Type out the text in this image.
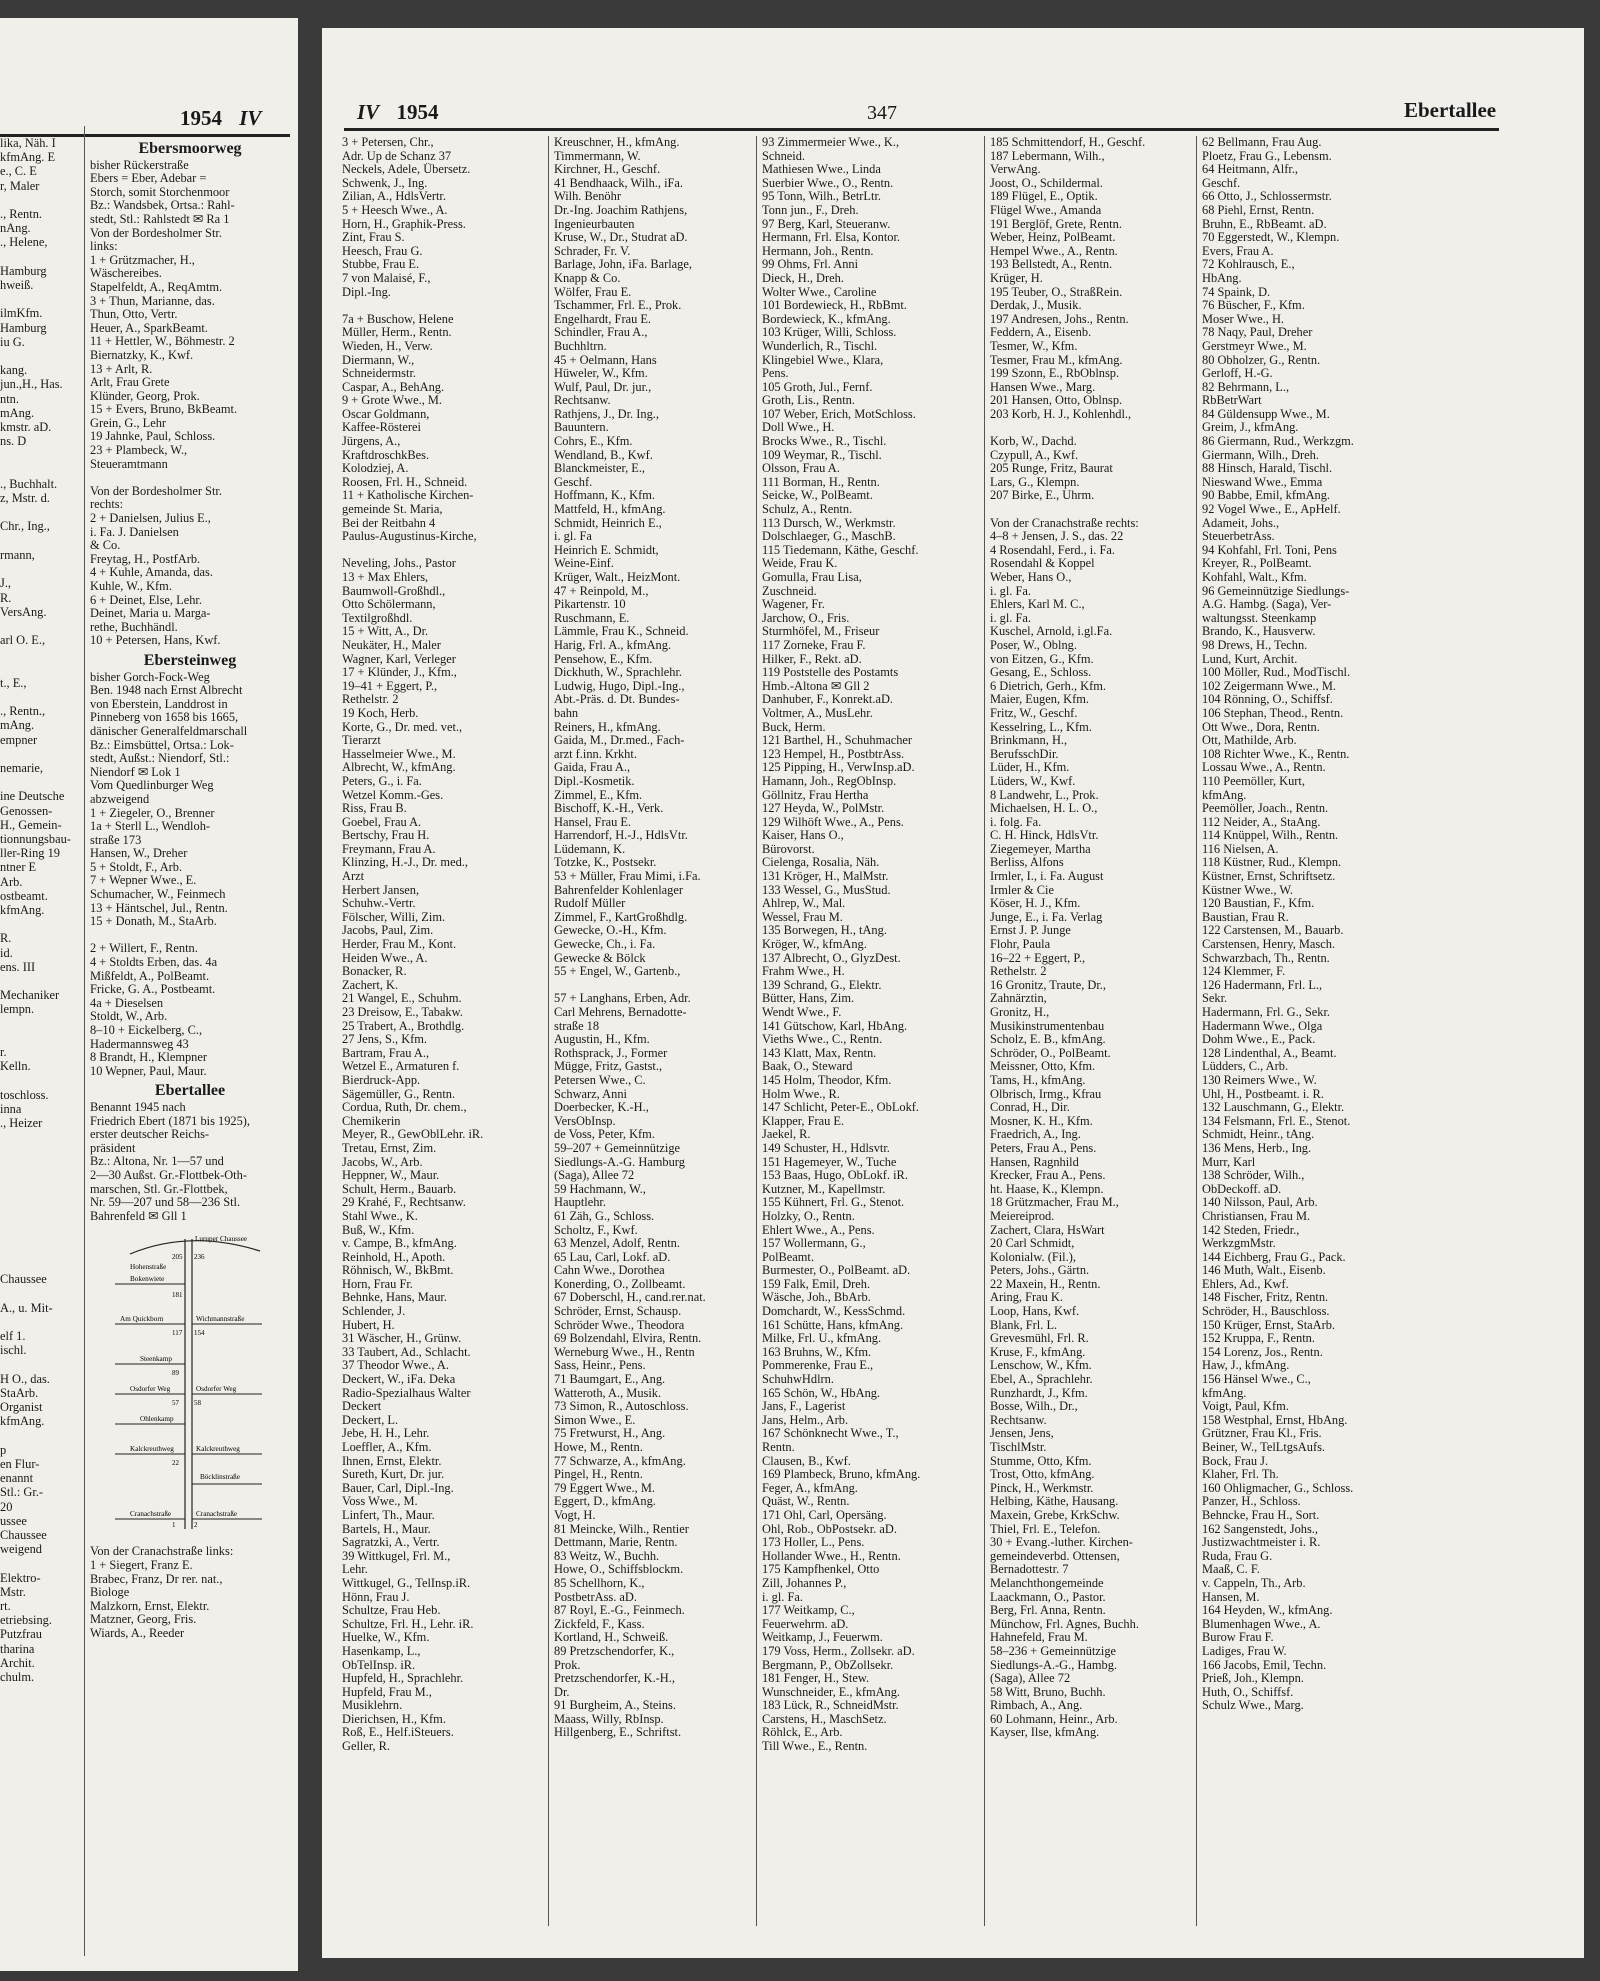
1954 IV
lika, Näh. I
kfmAng. E
e., C. E
r, Maler

., Rentn.
nAng.
., Helene,

Hamburg
hweiß.

ilmKfm.
Hamburg
iu G.

kang.
jun.,H., Has.
ntn.
mAng.
kmstr. aD.
ns. D

., Buchhalt.
z, Mstr. d.

Chr., Ing.,

rmann,

J.,
R.
VersAng.

arl O. E.,

t., E.,

., Rentn.,
mAng.
empner

nemarie,

ine Deutsche
Genossen-
H., Gemein-
tionnungsbau-
ller-Ring 19
ntner E
Arb.
ostbeamt.
kfmAng.

R.
id.
ens. III

Mechaniker
lempn.

r.
Kelln.

toschloss.
inna
., Heizer

Chaussee

A., u. Mit-

elf 1.
ischl.

H O., das.
StaArb.
Organist
kfmAng.

p
en Flur-
enannt
Stl.: Gr.-
20
ussee
Chaussee
weigend

Elektro-
Mstr.
rt.
etriebsing.
Putzfrau
tharina
Archit.
chulm.
Ebersmoorweg
bisher Rückerstraße
Ebers = Eber, Adebar =
Storch, somit Storchenmoor
Bz.: Wandsbek, Ortsa.: Rahl-
stedt, Stl.: Rahlstedt ✉ Ra 1
Von der Bordesholmer Str.
links:
1 + Grützmacher, H.,
Wäschereibes.
Stapelfeldt, A., ReqAmtm.
3 + Thun, Marianne, das.
Thun, Otto, Vertr.
Heuer, A., SparkBeamt.
11 + Hettler, W., Böhmestr. 2
Biernatzky, K., Kwf.
13 + Arlt, R.
Arlt, Frau Grete
Klünder, Georg, Prok.
15 + Evers, Bruno, BkBeamt.
Grein, G., Lehr
19 Jahnke, Paul, Schloss.
23 + Plambeck, W.,
Steueramtmann

Von der Bordesholmer Str.
rechts:
2 + Danielsen, Julius E.,
i. Fa. J. Danielsen
& Co.
Freytag, H., PostfArb.
4 + Kuhle, Amanda, das.
Kuhle, W., Kfm.
6 + Deinet, Else, Lehr.
Deinet, Maria u. Marga-
rethe, Buchhändl.
10 + Petersen, Hans, Kwf.
Ebersteinweg
bisher Gorch-Fock-Weg
Ben. 1948 nach Ernst Albrecht
von Eberstein, Landdrost in
Pinneberg von 1658 bis 1665,
dänischer Generalfeldmarschall
Bz.: Eimsbüttel, Ortsa.: Lok-
stedt, Außst.: Niendorf, Stl.:
Niendorf ✉ Lok 1
Vom Quedlinburger Weg
abzweigend
1 + Ziegeler, O., Brenner
1a + Sterll L., Wendloh-
straße 173
Hansen, W., Dreher
5 + Stoldt, F., Arb.
7 + Wepner Wwe., E.
Schumacher, W., Feinmech
13 + Häntschel, Jul., Rentn.
15 + Donath, M., StaArb.

2 + Willert, F., Rentn.
4 + Stoldts Erben, das. 4a
Mißfeldt, A., PolBeamt.
Fricke, G. A., Postbeamt.
4a + Dieselsen
Stoldt, W., Arb.
8–10 + Eickelberg, C.,
Hadermannsweg 43
8 Brandt, H., Klempner
10 Wepner, Paul, Maur.
Ebertallee
Benannt 1945 nach
Friedrich Ebert (1871 bis 1925),
erster deutscher Reichs-
präsident
Bz.: Altona, Nr. 1—57 und
2—30 Außst. Gr.-Flottbek-Oth-
marschen, Stl. Gr.-Flottbek,
Nr. 59—207 und 58—236 Stl.
Bahrenfeld ✉ Gll 1
Luruper Chaussee
Hohenstraße
Bokenwiete
Am Quickborn	Wichmannstraße
Steenkamp
Osdorfer Weg	Osdorfer Weg
Ohlenkamp
Kalckreuthweg	Kalckreuthweg
Böcklinstraße
Cranachstraße	Cranachstraße
205 236
181
117 154
89
58
57
22
1	2
Von der Cranachstraße links:
1 + Siegert, Franz E.
Brabec, Franz, Dr rer. nat.,
Biologe
Malzkorn, Ernst, Elektr.
Matzner, Georg, Fris.
Wiards, A., Reeder
IV 1954	347	Ebertallee
3 + Petersen, Chr.,
Adr. Up de Schanz 37
Neckels, Adele, Übersetz.
Schwenk, J., Ing.
Zilian, A., HdlsVertr.
5 + Heesch Wwe., A.
Horn, H., Graphik-Press.
Zint, Frau S.
Heesch, Frau G.
Stubbe, Frau E.
7 von Malaisé, F.,
Dipl.-Ing.

7a + Buschow, Helene
Müller, Herm., Rentn.
Wieden, H., Verw.
Diermann, W.,
Schneidermstr.
Caspar, A., BehAng.
9 + Grote Wwe., M.
Oscar Goldmann,
Kaffee-Rösterei
Jürgens, A.,
KraftdroschkBes.
Kolodziej, A.
Roosen, Frl. H., Schneid.
11 + Katholische Kirchen-
gemeinde St. Maria,
Bei der Reitbahn 4
Paulus-Augustinus-Kirche,

Neveling, Johs., Pastor
13 + Max Ehlers,
Baumwoll-Großhdl.,
Otto Schölermann,
Textilgroßhdl.
15 + Witt, A., Dr.
Neukäter, H., Maler
Wagner, Karl, Verleger
17 + Klünder, J., Kfm.,
19–41 + Eggert, P.,
Rethelstr. 2
19 Koch, Herb.
Korte, G., Dr. med. vet.,
Tierarzt
Hasselmeier Wwe., M.
Albrecht, W., kfmAng.
Peters, G., i. Fa.
Wetzel Komm.-Ges.
Riss, Frau B.
Goebel, Frau A.
Bertschy, Frau H.
Freymann, Frau A.
Klinzing, H.-J., Dr. med.,
Arzt
Herbert Jansen,
Schuhw.-Vertr.
Fölscher, Willi, Zim.
Jacobs, Paul, Zim.
Herder, Frau M., Kont.
Heiden Wwe., A.
Bonacker, R.
Zachert, K.
21 Wangel, E., Schuhm.
23 Dreisow, E., Tabakw.
25 Trabert, A., Brothdlg.
27 Jens, S., Kfm.
Bartram, Frau A.,
Wetzel E., Armaturen f.
Bierdruck-App.
Sägemüller, G., Rentn.
Cordua, Ruth, Dr. chem.,
Chemikerin
Meyer, R., GewOblLehr. iR.
Tretau, Ernst, Zim.
Jacobs, W., Arb.
Heppner, W., Maur.
Schult, Herm., Bauarb.
29 Krahé, F., Rechtsanw.
Stahl Wwe., K.
Buß, W., Kfm.
v. Campe, B., kfmAng.
Reinhold, H., Apoth.
Röhnisch, W., BkBmt.
Horn, Frau Fr.
Behnke, Hans, Maur.
Schlender, J.
Hubert, H.
31 Wäscher, H., Grünw.
33 Taubert, Ad., Schlacht.
37 Theodor Wwe., A.
Deckert, W., iFa. Deka
Radio-Spezialhaus Walter
Deckert
Deckert, L.
Jebe, H. H., Lehr.
Loeffler, A., Kfm.
Ihnen, Ernst, Elektr.
Sureth, Kurt, Dr. jur.
Bauer, Carl, Dipl.-Ing.
Voss Wwe., M.
Linfert, Th., Maur.
Bartels, H., Maur.
Sagratzki, A., Vertr.
39 Wittkugel, Frl. M.,
Lehr.
Wittkugel, G., TelInsp.iR.
Hönn, Frau J.
Schultze, Frau Heb.
Schultze, Frl. H., Lehr. iR.
Huelke, W., Kfm.
Hasenkamp, L.,
ObTelInsp. iR.
Hupfeld, H., Sprachlehr.
Hupfeld, Frau M.,
Musiklehrn.
Dierichsen, H., Kfm.
Roß, E., Helf.iSteuers.
Geller, R.
Kreuschner, H., kfmAng.
Timmermann, W.
Kirchner, H., Geschf.
41 Bendhaack, Wilh., iFa.
Wilh. Benöhr
Dr.-Ing. Joachim Rathjens,
Ingenieurbauten
Kruse, W., Dr., Studrat aD.
Schrader, Fr. V.
Barlage, John, iFa. Barlage,
Knapp & Co.
Wölfer, Frau E.
Tschammer, Frl. E., Prok.
Engelhardt, Frau E.
Schindler, Frau A.,
Buchhltrn.
45 + Oelmann, Hans
Hüweler, W., Kfm.
Wulf, Paul, Dr. jur.,
Rechtsanw.
Rathjens, J., Dr. Ing.,
Bauuntern.
Cohrs, E., Kfm.
Wendland, B., Kwf.
Blanckmeister, E.,
Geschf.
Hoffmann, K., Kfm.
Mattfeld, H., kfmAng.
Schmidt, Heinrich E.,
i. gl. Fa
Heinrich E. Schmidt,
Weine-Einf.
Krüger, Walt., HeizMont.
47 + Reinpold, M.,
Pikartenstr. 10
Ruschmann, E.
Lämmle, Frau K., Schneid.
Harig, Frl. A., kfmAng.
Pensehow, E., Kfm.
Dickhuth, W., Sprachlehr.
Ludwig, Hugo, Dipl.-Ing.,
Abt.-Präs. d. Dt. Bundes-
bahn
Reiners, H., kfmAng.
Gaida, M., Dr.med., Fach-
arzt f.inn. Krkht.
Gaida, Frau A.,
Dipl.-Kosmetik.
Zimmel, E., Kfm.
Bischoff, K.-H., Verk.
Hansel, Frau E.
Harrendorf, H.-J., HdlsVtr.
Lüdemann, K.
Totzke, K., Postsekr.
53 + Müller, Frau Mimi, i.Fa.
Bahrenfelder Kohlenlager
Rudolf Müller
Zimmel, F., KartGroßhdlg.
Gewecke, O.-H., Kfm.
Gewecke, Ch., i. Fa.
Gewecke & Bölck
55 + Engel, W., Gartenb.,

57 + Langhans, Erben, Adr.
Carl Mehrens, Bernadotte-
straße 18
Augustin, H., Kfm.
Rothsprack, J., Former
Mügge, Fritz, Gastst.,
Petersen Wwe., C.
Schwarz, Anni
Doerbecker, K.-H.,
VersObInsp.
de Voss, Peter, Kfm.
59–207 + Gemeinnützige
Siedlungs-A.-G. Hamburg
(Saga), Allee 72
59 Hachmann, W.,
Hauptlehr.
61 Zäh, G., Schloss.
Scholtz, F., Kwf.
63 Menzel, Adolf, Rentn.
65 Lau, Carl, Lokf. aD.
Cahn Wwe., Dorothea
Konerding, O., Zollbeamt.
67 Doberschl, H., cand.rer.nat.
Schröder, Ernst, Schausp.
Schröder Wwe., Theodora
69 Bolzendahl, Elvira, Rentn.
Werneburg Wwe., H., Rentn
Sass, Heinr., Pens.
71 Baumgart, E., Ang.
Watteroth, A., Musik.
73 Simon, R., Autoschloss.
Simon Wwe., E.
75 Fretwurst, H., Ang.
Howe, M., Rentn.
77 Schwarze, A., kfmAng.
Pingel, H., Rentn.
79 Eggert Wwe., M.
Eggert, D., kfmAng.
Vogt, H.
81 Meincke, Wilh., Rentier
Dettmann, Marie, Rentn.
83 Weitz, W., Buchh.
Howe, O., Schiffsblockm.
85 Schellhorn, K.,
PostbetrAss. aD.
87 Royl, E.-G., Feinmech.
Zickfeld, F., Kass.
Kortland, H., Schweiß.
89 Pretzschendorfer, K.,
Prok.
Pretzschendorfer, K.-H.,
Dr.
91 Burgheim, A., Steins.
Maass, Willy, RbInsp.
Hillgenberg, E., Schriftst.
93 Zimmermeier Wwe., K.,
Schneid.
Mathiesen Wwe., Linda
Suerbier Wwe., O., Rentn.
95 Tonn, Wilh., BetrLtr.
Tonn jun., F., Dreh.
97 Berg, Karl, Steueranw.
Hermann, Frl. Elsa, Kontor.
Hermann, Joh., Rentn.
99 Ohms, Frl. Anni
Dieck, H., Dreh.
Wolter Wwe., Caroline
101 Bordewieck, H., RbBmt.
Bordewieck, K., kfmAng.
103 Krüger, Willi, Schloss.
Wunderlich, R., Tischl.
Klingebiel Wwe., Klara,
Pens.
105 Groth, Jul., Fernf.
Groth, Lis., Rentn.
107 Weber, Erich, MotSchloss.
Doll Wwe., H.
Brocks Wwe., R., Tischl.
109 Weymar, R., Tischl.
Olsson, Frau A.
111 Borman, H., Rentn.
Seicke, W., PolBeamt.
Schulz, A., Rentn.
113 Dursch, W., Werkmstr.
Dolschlaeger, G., MaschB.
115 Tiedemann, Käthe, Geschf.
Weide, Frau K.
Gomulla, Frau Lisa,
Zuschneid.
Wagener, Fr.
Jarchow, O., Fris.
Sturmhöfel, M., Friseur
117 Zorneke, Frau F.
Hilker, F., Rekt. aD.
119 Poststelle des Postamts
Hmb.-Altona ✉ Gll 2
Danhuber, F., Konrekt.aD.
Voltmer, A., MusLehr.
Buck, Herm.
121 Barthel, H., Schuhmacher
123 Hempel, H., PostbtrAss.
125 Pipping, H., VerwInsp.aD.
Hamann, Joh., RegObInsp.
Göllnitz, Frau Hertha
127 Heyda, W., PolMstr.
129 Wilhöft Wwe., A., Pens.
Kaiser, Hans O.,
Bürovorst.
Cielenga, Rosalia, Näh.
131 Kröger, H., MalMstr.
133 Wessel, G., MusStud.
Ahlrep, W., Mal.
Wessel, Frau M.
135 Borwegen, H., tAng.
Kröger, W., kfmAng.
137 Albrecht, O., GlyzDest.
Frahm Wwe., H.
139 Schrand, G., Elektr.
Bütter, Hans, Zim.
Wendt Wwe., F.
141 Gütschow, Karl, HbAng.
Vieths Wwe., C., Rentn.
143 Klatt, Max, Rentn.
Baak, O., Steward
145 Holm, Theodor, Kfm.
Holm Wwe., R.
147 Schlicht, Peter-E., ObLokf.
Klapper, Frau E.
Jaekel, R.
149 Schuster, H., Hdlsvtr.
151 Hagemeyer, W., Tuche
153 Baas, Hugo, ObLokf. iR.
Kutzner, M., Kapellmstr.
155 Kühnert, Frl. G., Stenot.
Holzky, O., Rentn.
Ehlert Wwe., A., Pens.
157 Wollermann, G.,
PolBeamt.
Burmester, O., PolBeamt. aD.
159 Falk, Emil, Dreh.
Wäsche, Joh., BbArb.
Domchardt, W., KessSchmd.
161 Schütte, Hans, kfmAng.
Milke, Frl. U., kfmAng.
163 Bruhns, W., Kfm.
Pommerenke, Frau E.,
SchuhwHdlrn.
165 Schön, W., HbAng.
Jans, F., Lagerist
Jans, Helm., Arb.
167 Schönknecht Wwe., T.,
Rentn.
Clausen, B., Kwf.
169 Plambeck, Bruno, kfmAng.
Feger, A., kfmAng.
Quäst, W., Rentn.
171 Ohl, Carl, Opersäng.
Ohl, Rob., ObPostsekr. aD.
173 Holler, L., Pens.
Hollander Wwe., H., Rentn.
175 Kampfhenkel, Otto
Zill, Johannes P.,
i. gl. Fa.
177 Weitkamp, C.,
Feuerwehrm. aD.
Weitkamp, J., Feuerwm.
179 Voss, Herm., Zollsekr. aD.
Bergmann, P., ObZollsekr.
181 Fenger, H., Stew.
Wunschneider, E., kfmAng.
183 Lück, R., SchneidMstr.
Carstens, H., MaschSetz.
Röhlck, E., Arb.
Till Wwe., E., Rentn.
185 Schmittendorf, H., Geschf.
187 Lebermann, Wilh.,
VerwAng.
Joost, O., Schildermal.
189 Flügel, E., Optik.
Flügel Wwe., Amanda
191 Berglöf, Grete, Rentn.
Weber, Heinz, PolBeamt.
Hempel Wwe., A., Rentn.
193 Bellstedt, A., Rentn.
Krüger, H.
195 Teuber, O., StraßRein.
Derdak, J., Musik.
197 Andresen, Johs., Rentn.
Feddern, A., Eisenb.
Tesmer, W., Kfm.
Tesmer, Frau M., kfmAng.
199 Szonn, E., RbOblnsp.
Hansen Wwe., Marg.
201 Hansen, Otto, Oblnsp.
203 Korb, H. J., Kohlenhdl.,

Korb, W., Dachd.
Czypull, A., Kwf.
205 Runge, Fritz, Baurat
Lars, G., Klempn.
207 Birke, E., Uhrm.

Von der Cranachstraße rechts:
4–8 + Jensen, J. S., das. 22
4 Rosendahl, Ferd., i. Fa.
Rosendahl & Koppel
Weber, Hans O.,
i. gl. Fa.
Ehlers, Karl M. C.,
i. gl. Fa.
Kuschel, Arnold, i.gl.Fa.
Poser, W., Oblng.
von Eitzen, G., Kfm.
Gesang, E., Schloss.
6 Dietrich, Gerh., Kfm.
Maier, Eugen, Kfm.
Fritz, W., Geschf.
Kesselring, L., Kfm.
Brinkmann, H.,
BerufsschDir.
Lüder, H., Kfm.
Lüders, W., Kwf.
8 Landwehr, L., Prok.
Michaelsen, H. L. O.,
i. folg. Fa.
C. H. Hinck, HdlsVtr.
Ziegemeyer, Martha
Berliss, Alfons
Irmler, I., i. Fa. August
Irmler & Cie
Köser, H. J., Kfm.
Junge, E., i. Fa. Verlag
Ernst J. P. Junge
Flohr, Paula
16–22 + Eggert, P.,
Rethelstr. 2
16 Gronitz, Traute, Dr.,
Zahnärztin,
Gronitz, H.,
Musikinstrumentenbau
Scholz, E. B., kfmAng.
Schröder, O., PolBeamt.
Meissner, Otto, Kfm.
Tams, H., kfmAng.
Olbrisch, Irmg., Kfrau
Conrad, H., Dir.
Mosner, K. H., Kfm.
Fraedrich, A., Ing.
Peters, Frau A., Pens.
Hansen, Ragnhild
Krecker, Frau A., Pens.
ht. Haase, K., Klempn.
18 Grützmacher, Frau M.,
Meiereiprod.
Zachert, Clara, HsWart
20 Carl Schmidt,
Kolonialw. (Fil.),
Peters, Johs., Gärtn.
22 Maxein, H., Rentn.
Aring, Frau K.
Loop, Hans, Kwf.
Blank, Frl. L.
Grevesmühl, Frl. R.
Kruse, F., kfmAng.
Lenschow, W., Kfm.
Ebel, A., Sprachlehr.
Runzhardt, J., Kfm.
Bosse, Wilh., Dr.,
Rechtsanw.
Jensen, Jens,
TischlMstr.
Stumme, Otto, Kfm.
Trost, Otto, kfmAng.
Pinck, H., Werkmstr.
Helbing, Käthe, Hausang.
Maxein, Grebe, KrkSchw.
Thiel, Frl. E., Telefon.
30 + Evang.-luther. Kirchen-
gemeindeverbd. Ottensen,
Bernadottestr. 7
Melanchthongemeinde
Laackmann, O., Pastor.
Berg, Frl. Anna, Rentn.
Münchow, Frl. Agnes, Buchh.
Hahnefeld, Frau M.
58–236 + Gemeinnützige
Siedlungs-A.-G., Hambg.
(Saga), Allee 72
58 Witt, Bruno, Buchh.
Rimbach, A., Ang.
60 Lohmann, Heinr., Arb.
Kayser, Ilse, kfmAng.
62 Bellmann, Frau Aug.
Ploetz, Frau G., Lebensm.
64 Heitmann, Alfr.,
Geschf.
66 Otto, J., Schlossermstr.
68 Piehl, Ernst, Rentn.
Bruhn, E., RbBeamt. aD.
70 Eggerstedt, W., Klempn.
Evers, Frau A.
72 Kohlrausch, E.,
HbAng.
74 Spaink, D.
76 Büscher, F., Kfm.
Moser Wwe., H.
78 Naqy, Paul, Dreher
Gerstmeyr Wwe., M.
80 Obholzer, G., Rentn.
Gerloff, H.-G.
82 Behrmann, L.,
RbBetrWart
84 Güldensupp Wwe., M.
Greim, J., kfmAng.
86 Giermann, Rud., Werkzgm.
Giermann, Wilh., Dreh.
88 Hinsch, Harald, Tischl.
Nieswand Wwe., Emma
90 Babbe, Emil, kfmAng.
92 Vogel Wwe., E., ApHelf.
Adameit, Johs.,
SteuerbetrAss.
94 Kohfahl, Frl. Toni, Pens
Kreyer, R., PolBeamt.
Kohfahl, Walt., Kfm.
96 Gemeinnützige Siedlungs-
A.G. Hambg. (Saga), Ver-
waltungsst. Steenkamp
Brando, K., Hausverw.
98 Drews, H., Techn.
Lund, Kurt, Archit.
100 Möller, Rud., ModTischl.
102 Zeigermann Wwe., M.
104 Rönning, O., Schiffsf.
106 Stephan, Theod., Rentn.
Ott Wwe., Dora, Rentn.
Ott, Mathilde, Arb.
108 Richter Wwe., K., Rentn.
Lossau Wwe., A., Rentn.
110 Peemöller, Kurt,
kfmAng.
Peemöller, Joach., Rentn.
112 Neider, A., StaAng.
114 Knüppel, Wilh., Rentn.
116 Nielsen, A.
118 Küstner, Rud., Klempn.
Küstner, Ernst, Schriftsetz.
Küstner Wwe., W.
120 Baustian, F., Kfm.
Baustian, Frau R.
122 Carstensen, M., Bauarb.
Carstensen, Henry, Masch.
Schwarzbach, Th., Rentn.
124 Klemmer, F.
126 Hadermann, Frl. L.,
Sekr.
Hadermann, Frl. G., Sekr.
Hadermann Wwe., Olga
Dohm Wwe., E., Pack.
128 Lindenthal, A., Beamt.
Lüdders, C., Arb.
130 Reimers Wwe., W.
Uhl, H., Postbeamt. i. R.
132 Lauschmann, G., Elektr.
134 Felsmann, Frl. E., Stenot.
Schmidt, Heinr., tAng.
136 Mens, Herb., Ing.
Murr, Karl
138 Schröder, Wilh.,
ObDeckoff. aD.
140 Nilsson, Paul, Arb.
Christiansen, Frau M.
142 Steden, Friedr.,
WerkzgmMstr.
144 Eichberg, Frau G., Pack.
146 Muth, Walt., Eisenb.
Ehlers, Ad., Kwf.
148 Fischer, Fritz, Rentn.
Schröder, H., Bauschloss.
150 Krüger, Ernst, StaArb.
152 Kruppa, F., Rentn.
154 Lorenz, Jos., Rentn.
Haw, J., kfmAng.
156 Hänsel Wwe., C.,
kfmAng.
Voigt, Paul, Kfm.
158 Westphal, Ernst, HbAng.
Grützner, Frau Kl., Fris.
Beiner, W., TelLtgsAufs.
Bock, Frau J.
Klaher, Frl. Th.
160 Ohligmacher, G., Schloss.
Panzer, H., Schloss.
Behncke, Frau H., Sort.
162 Sangenstedt, Johs.,
Justizwachtmeister i. R.
Ruda, Frau G.
Maaß, C. F.
v. Cappeln, Th., Arb.
Hansen, M.
164 Heyden, W., kfmAng.
Blumenhagen Wwe., A.
Burow Frau F.
Ladiges, Frau W.
166 Jacobs, Emil, Techn.
Prieß, Joh., Klempn.
Huth, O., Schiffsf.
Schulz Wwe., Marg.
